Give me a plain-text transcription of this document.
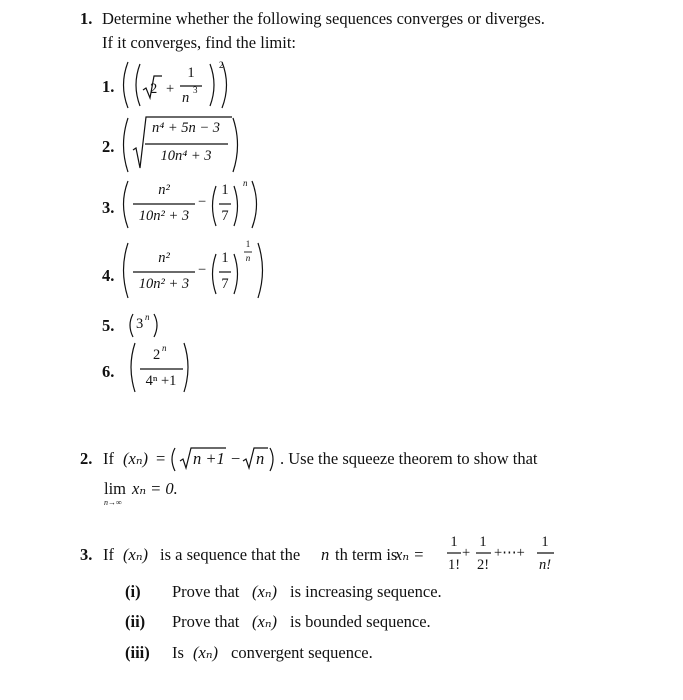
1. Determine whether the following sequences converges or diverges.
If it converges, find the limit:
1.
2.
3.
4.
5.
6.
2 +
1
n 3
2
n⁴ + 5n − 3
10n⁴ + 3
n²
10n² + 3
−
1
7
n
n²
10n² + 3
−
1
7
1
n
3 n
2 n
4ⁿ +1
2. If (xₙ) = n +1 − n . Use the squeeze theorem to show that
lim
n→∞
xₙ = 0.
3. If (xₙ) is a sequence that the n th term is
xₙ =
1
1!
+
1
2!
+⋯+
1
n!
(i) Prove that (xₙ) is increasing sequence.
(ii) Prove that (xₙ) is bounded sequence.
(iii) Is (xₙ) convergent sequence.
